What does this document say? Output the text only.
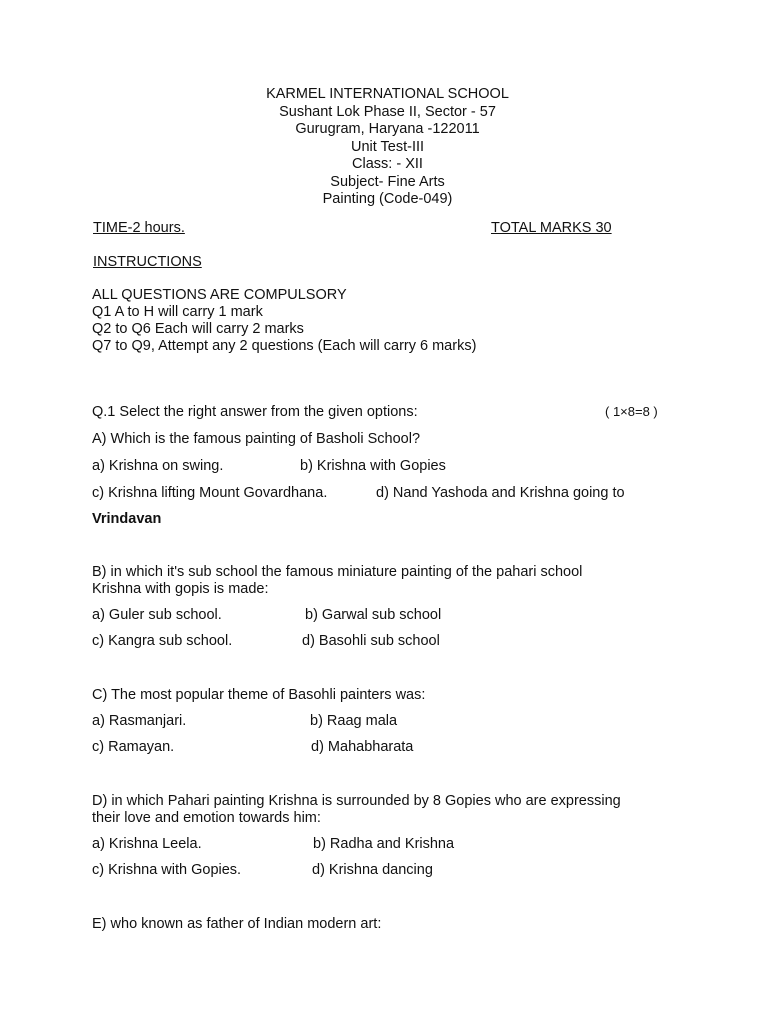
KARMEL INTERNATIONAL SCHOOL
Sushant Lok Phase II, Sector - 57
Gurugram, Haryana -122011
Unit Test-III
Class: - XII
Subject- Fine Arts
Painting (Code-049)
TIME-2 hours.	TOTAL MARKS 30
INSTRUCTIONS
ALL QUESTIONS ARE COMPULSORY
Q1 A to H will carry 1 mark
Q2 to Q6 Each will carry 2 marks
Q7 to Q9, Attempt any 2 questions (Each will carry 6 marks)
Q.1 Select the right answer from the given options:	( 1×8=8 )
A) Which is the famous painting of Basholi School?
a) Krishna on swing.	b) Krishna with Gopies
c) Krishna lifting Mount Govardhana.	d) Nand Yashoda and Krishna going to
Vrindavan
B) in which it's sub school the famous miniature painting of the pahari school
Krishna with gopis is made:
a) Guler sub school.	b) Garwal sub school
c) Kangra sub school.	d) Basohli sub school
C) The most popular theme of Basohli painters was:
a) Rasmanjari.	b) Raag mala
c) Ramayan.	d) Mahabharata
D) in which Pahari painting Krishna is surrounded by 8 Gopies who are expressing
their love and emotion towards him:
a) Krishna Leela.	b) Radha and Krishna
c) Krishna with Gopies.	d) Krishna dancing
E) who known as father of Indian modern art:
